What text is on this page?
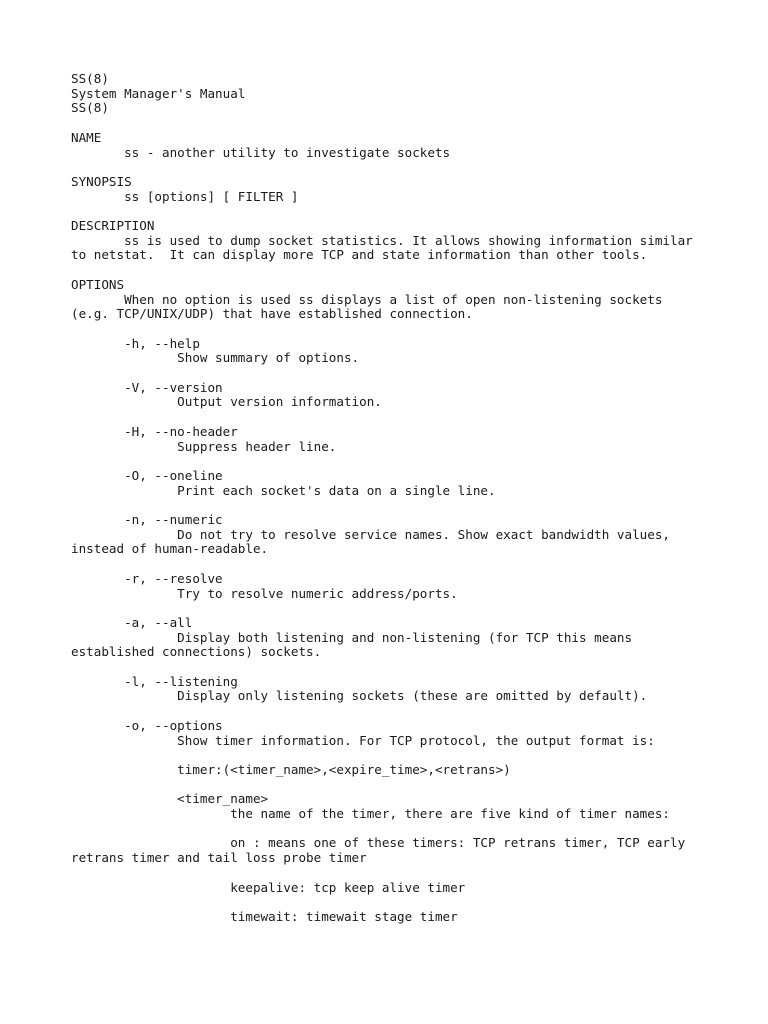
SS(8)
System Manager's Manual
SS(8)
NAME
ss - another utility to investigate sockets
SYNOPSIS
ss [options] [ FILTER ]
DESCRIPTION
ss is used to dump socket statistics. It allows showing information similar
to netstat.  It can display more TCP and state information than other tools.
OPTIONS
When no option is used ss displays a list of open non-listening sockets
(e.g. TCP/UNIX/UDP) that have established connection.
-h, --help
Show summary of options.
-V, --version
Output version information.
-H, --no-header
Suppress header line.
-O, --oneline
Print each socket's data on a single line.
-n, --numeric
Do not try to resolve service names. Show exact bandwidth values,
instead of human-readable.
-r, --resolve
Try to resolve numeric address/ports.
-a, --all
Display both listening and non-listening (for TCP this means
established connections) sockets.
-l, --listening
Display only listening sockets (these are omitted by default).
-o, --options
Show timer information. For TCP protocol, the output format is:
timer:(<timer_name>,<expire_time>,<retrans>)
<timer_name>
the name of the timer, there are five kind of timer names:
on : means one of these timers: TCP retrans timer, TCP early
retrans timer and tail loss probe timer
keepalive: tcp keep alive timer
timewait: timewait stage timer
